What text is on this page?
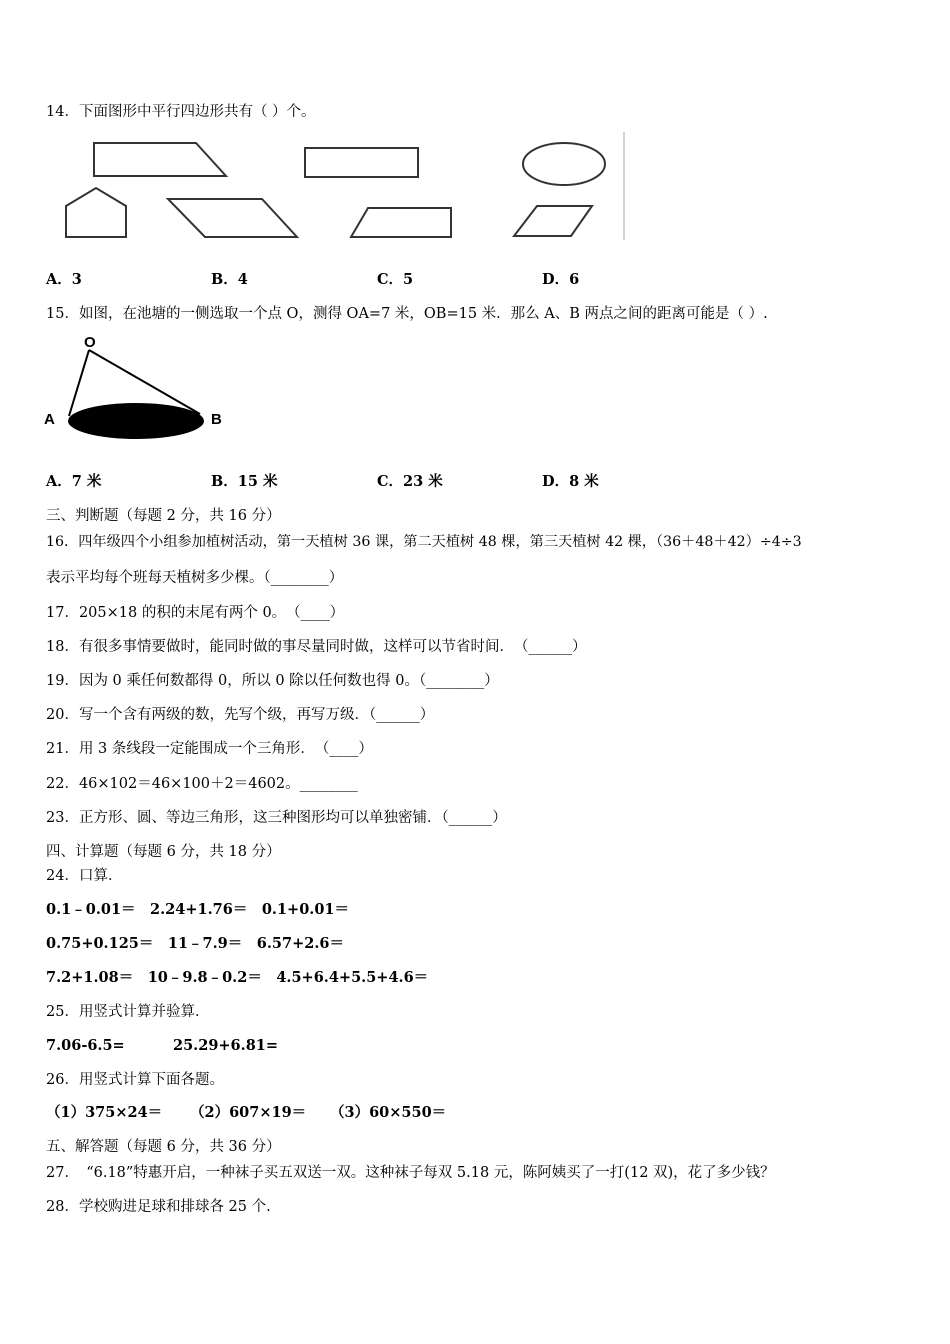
14．下面图形中平行四边形共有（ ）个。
A．3	B．4	C．5	D．6
15．如图，在池塘的一侧选取一个点 O，测得 OA=7 米，OB=15 米．那么 A、B 两点之间的距离可能是（ ）.
O
A	B
A．7 米	B．15 米	C．23 米	D．8 米
三、判断题（每题 2 分，共 16 分）
16．四年级四个小组参加植树活动，第一天植树 36 课，第二天植树 48 棵，第三天植树 42 棵，（36＋48＋42）÷4÷3
表示平均每个班每天植树多少棵。（________）
17．205×18 的积的末尾有两个 0。　（____）
18．有很多事情要做时，能同时做的事尽量同时做，这样可以节省时间．　（______）
19．因为 0 乘任何数都得 0，所以 0 除以任何数也得 0。（________）
20．写一个含有两级的数，先写个级，再写万级．（______）
21．用 3 条线段一定能围成一个三角形．　（____）
22．46×102＝46×100＋2＝4602。________
23．正方形、圆、等边三角形，这三种图形均可以单独密铺．（______）
四、计算题（每题 6 分，共 18 分）
24．口算．
0.1﹣0.01＝　2.24+1.76＝　0.1+0.01＝
0.75+0.125＝　11﹣7.9＝　6.57+2.6＝
7.2+1.08＝　10﹣9.8﹣0.2＝　4.5+6.4+5.5+4.6＝
25．用竖式计算并验算．
7.06-6.5=	25.29+6.81=
26．用竖式计算下面各题。
（1）375×24＝ （2）607×19＝ （3）60×550＝
五、解答题（每题 6 分，共 36 分）
27．　“6.18”特惠开启，一种袜子买五双送一双。这种袜子每双 5.18 元，陈阿姨买了一打(12 双)，花了多少钱？
28．学校购进足球和排球各 25 个.
